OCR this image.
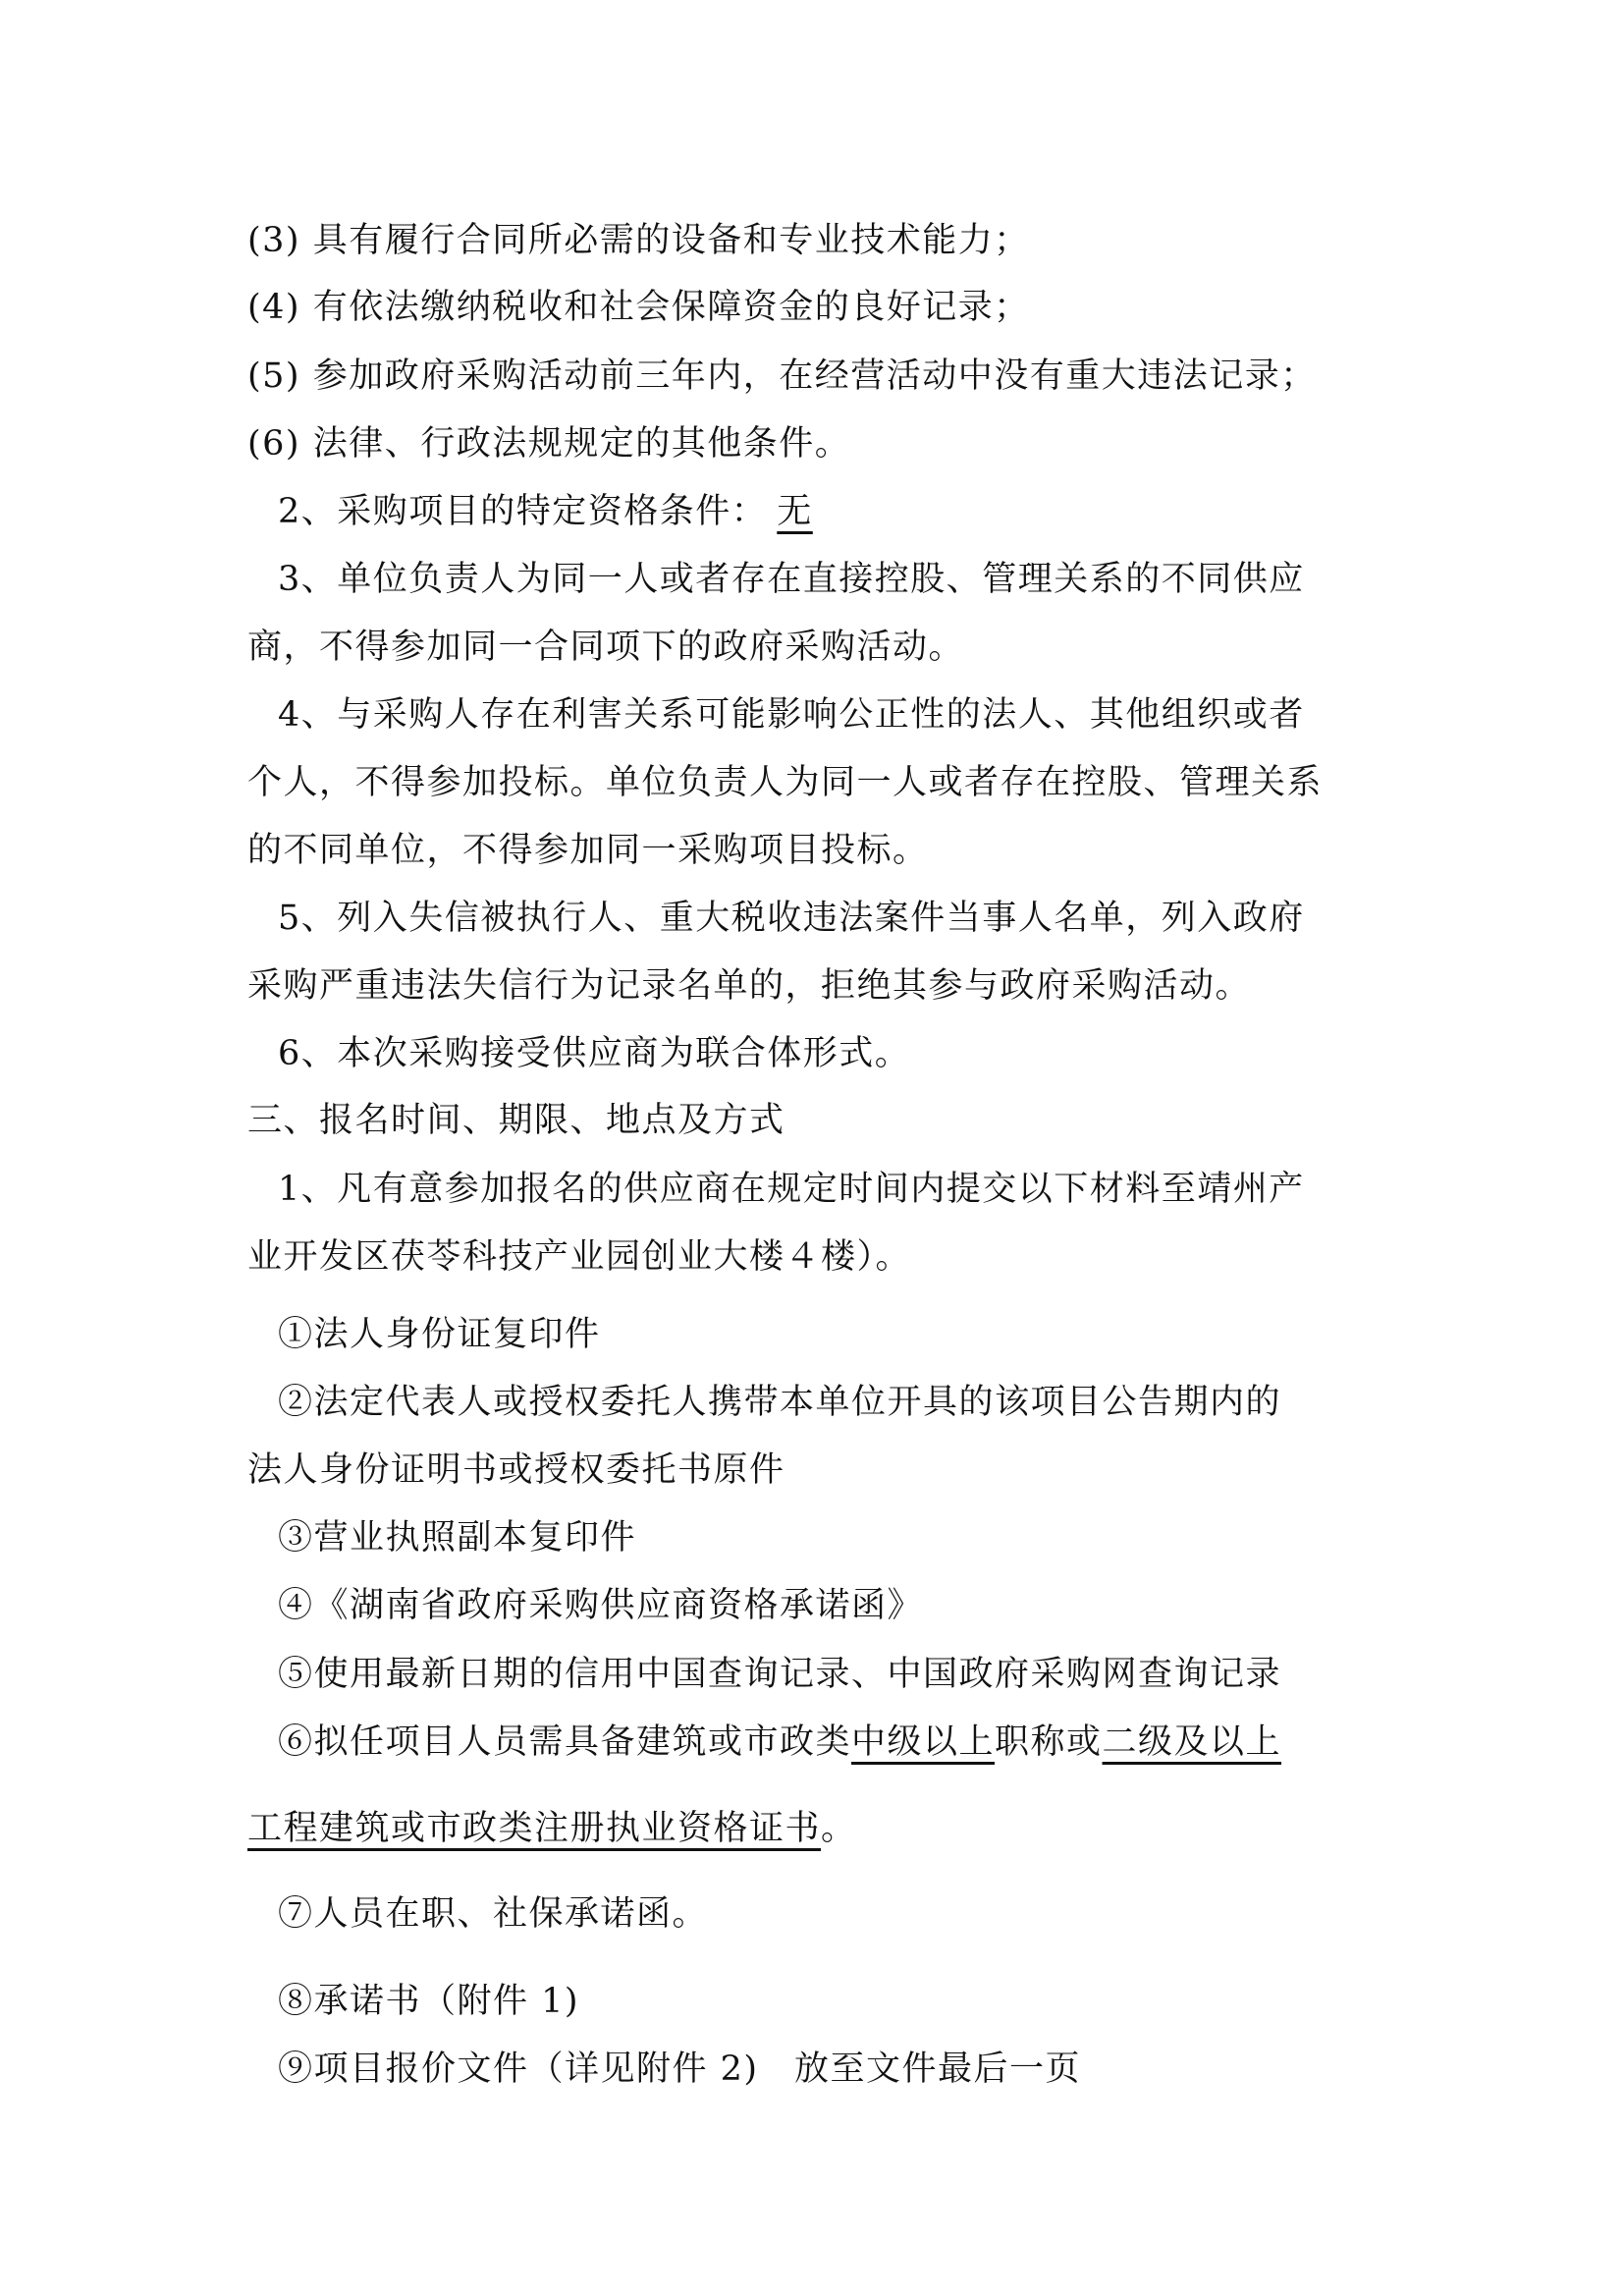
(3) 具有履行合同所必需的设备和专业技术能力；
(4) 有依法缴纳税收和社会保障资金的良好记录；
(5) 参加政府采购活动前三年内，在经营活动中没有重大违法记录；
(6) 法律、行政法规规定的其他条件。
2、采购项目的特定资格条件： 无
3、单位负责人为同一人或者存在直接控股、管理关系的不同供应
商，不得参加同一合同项下的政府采购活动。
4、与采购人存在利害关系可能影响公正性的法人、其他组织或者
个人，不得参加投标。单位负责人为同一人或者存在控股、管理关系
的不同单位，不得参加同一采购项目投标。
5、列入失信被执行人、重大税收违法案件当事人名单，列入政府
采购严重违法失信行为记录名单的，拒绝其参与政府采购活动。
6、本次采购接受供应商为联合体形式。
三、报名时间、期限、地点及方式
1、凡有意参加报名的供应商在规定时间内提交以下材料至靖州产
业开发区茯苓科技产业园创业大楼４楼）。
①法人身份证复印件
②法定代表人或授权委托人携带本单位开具的该项目公告期内的
法人身份证明书或授权委托书原件
③营业执照副本复印件
④《湖南省政府采购供应商资格承诺函》
⑤使用最新日期的信用中国查询记录、中国政府采购网查询记录
⑥拟任项目人员需具备建筑或市政类中级以上职称或二级及以上
工程建筑或市政类注册执业资格证书。
⑦人员在职、社保承诺函。
⑧承诺书（附件 1)
⑨项目报价文件（详见附件 2)　放至文件最后一页
